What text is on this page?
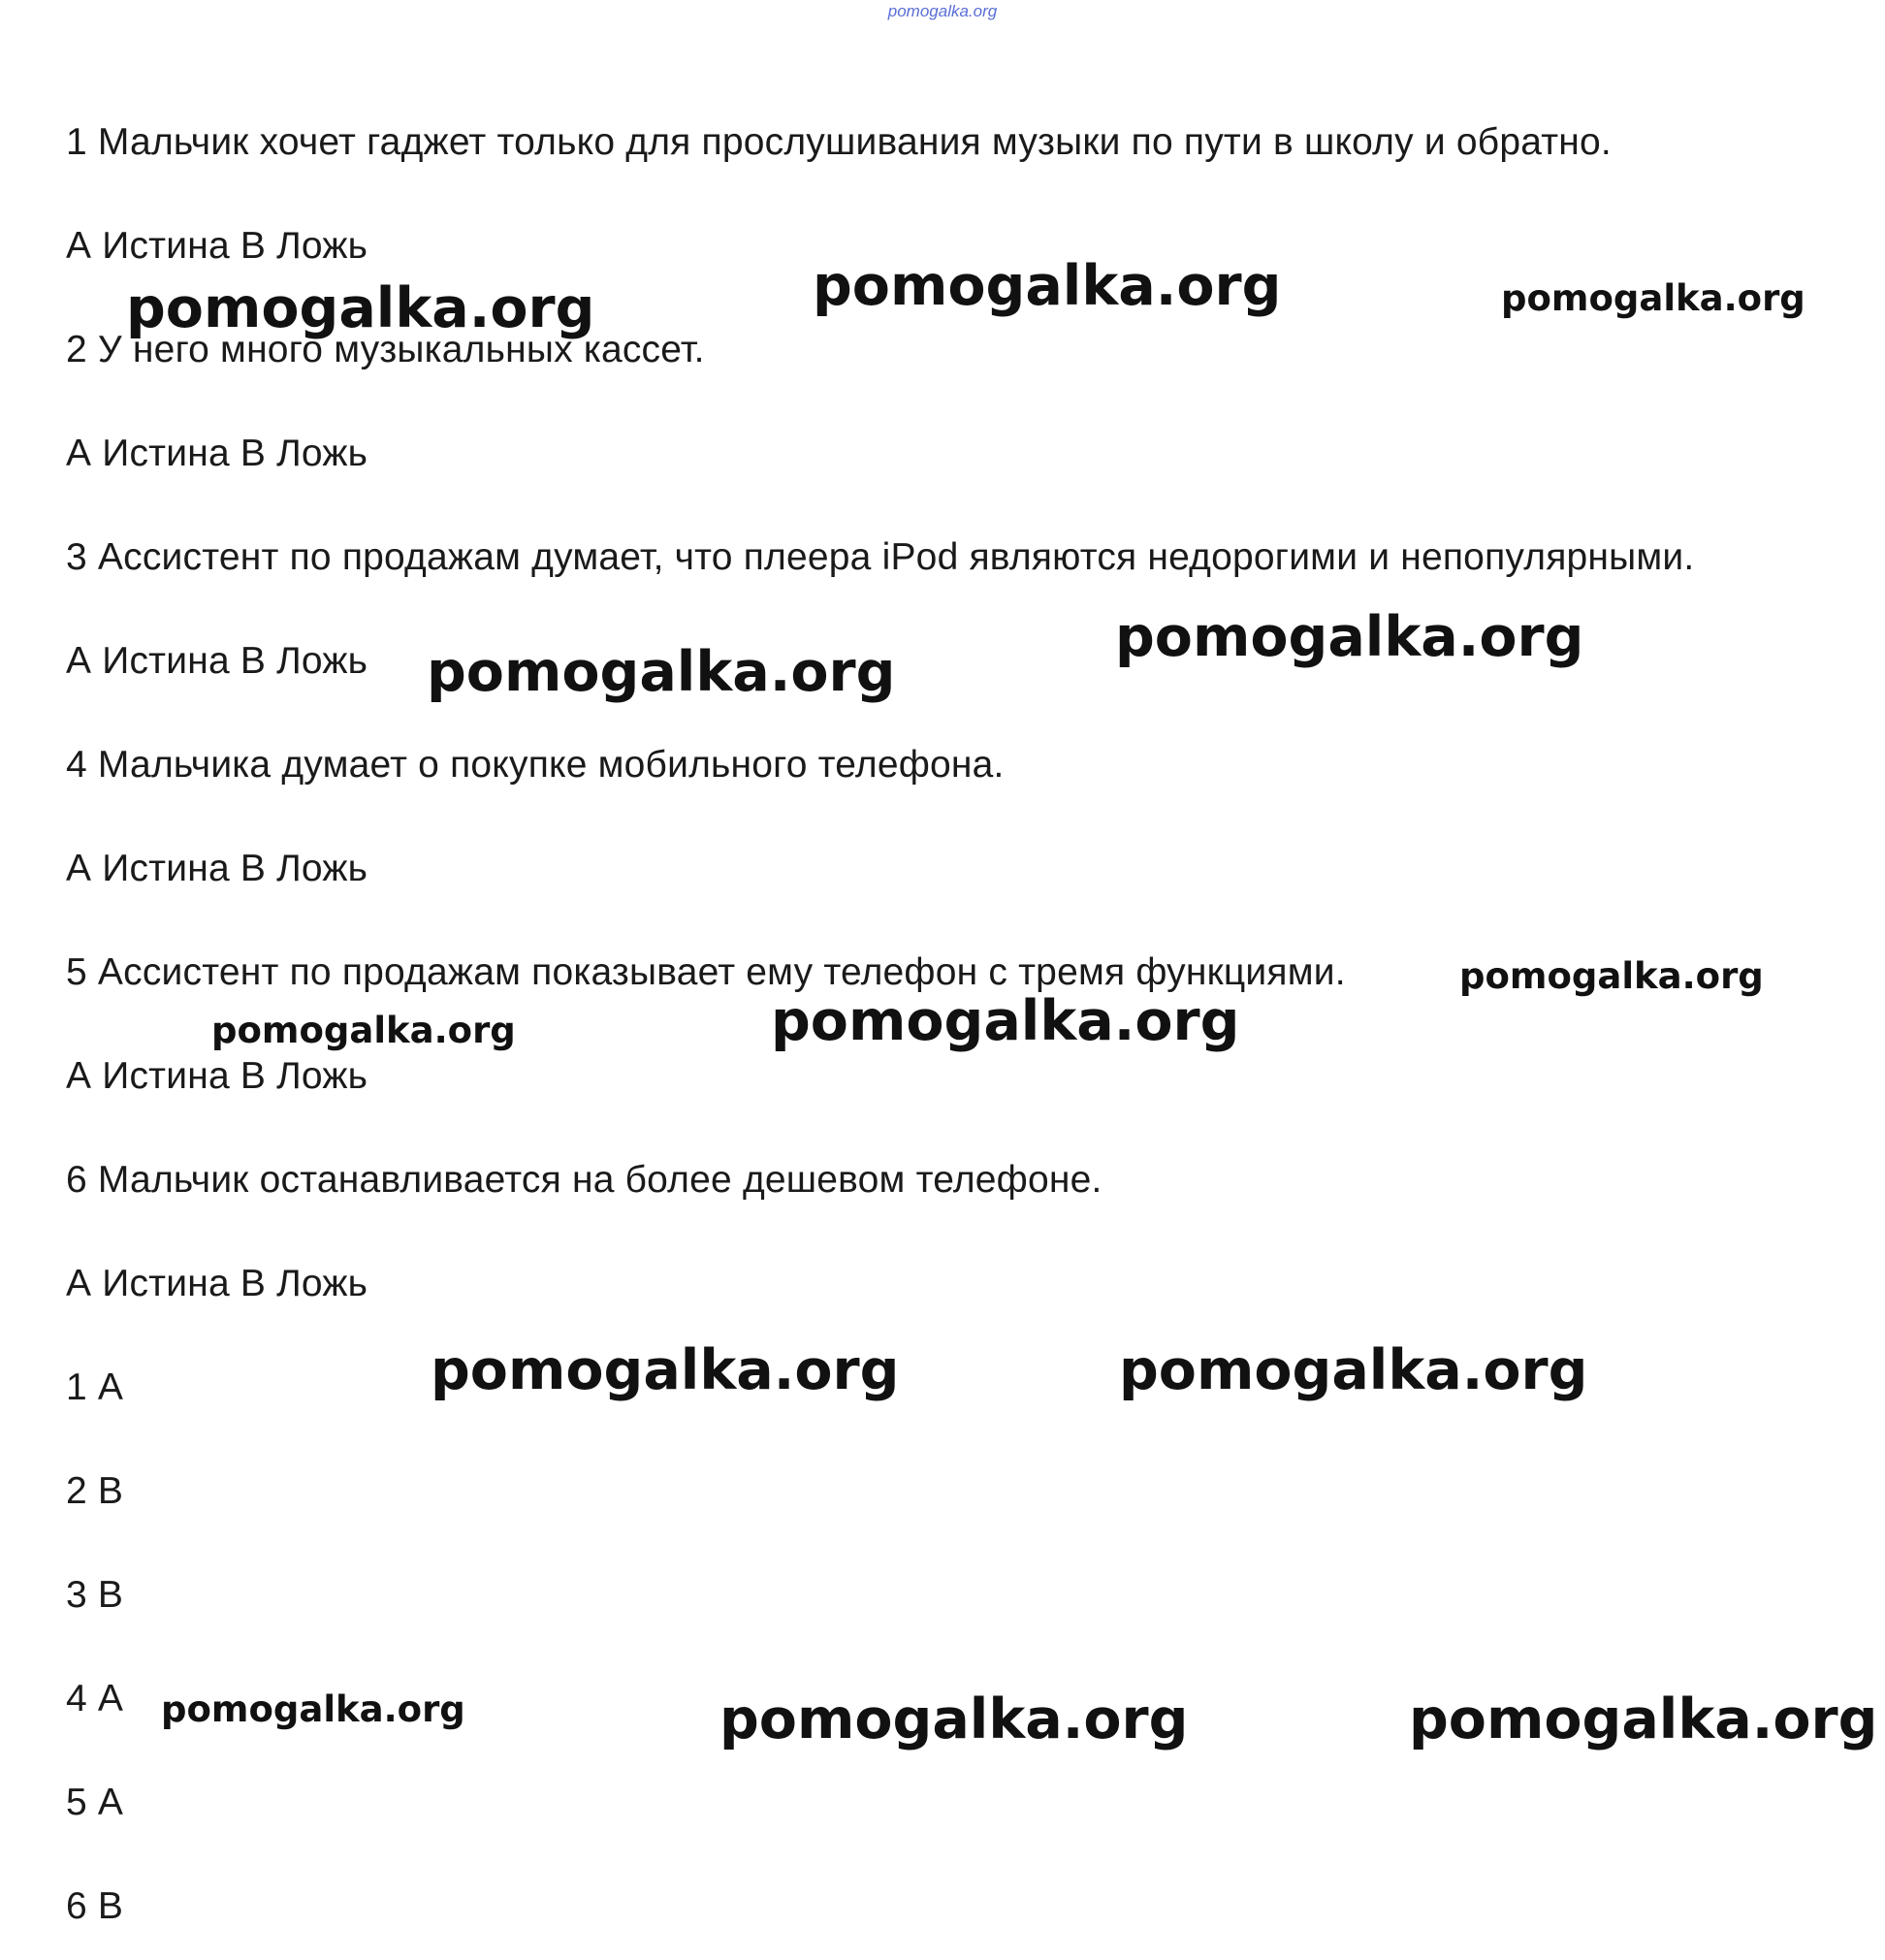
pomogalka.org
1 Мальчик хочет гаджет только для прослушивания музыки по пути в школу и обратно.
А Истина В Ложь
2 У него много музыкальных кассет.
А Истина В Ложь
3 Ассистент по продажам думает, что плеера iPod являются недорогими и непопулярными.
А Истина В Ложь
4 Мальчика думает о покупке мобильного телефона.
А Истина В Ложь
5 Ассистент по продажам показывает ему телефон с тремя функциями.
А Истина В Ложь
6 Мальчик останавливается на более дешевом телефоне.
А Истина В Ложь
1 А
2 В
3 В
4 А
5 А
6 В
pomogalka.org	pomogalka.org	pomogalka.org
pomogalka.org
pomogalka.org
pomogalka.org
pomogalka.org	pomogalka.org
pomogalka.org	pomogalka.org
pomogalka.org	pomogalka.org	pomogalka.org
